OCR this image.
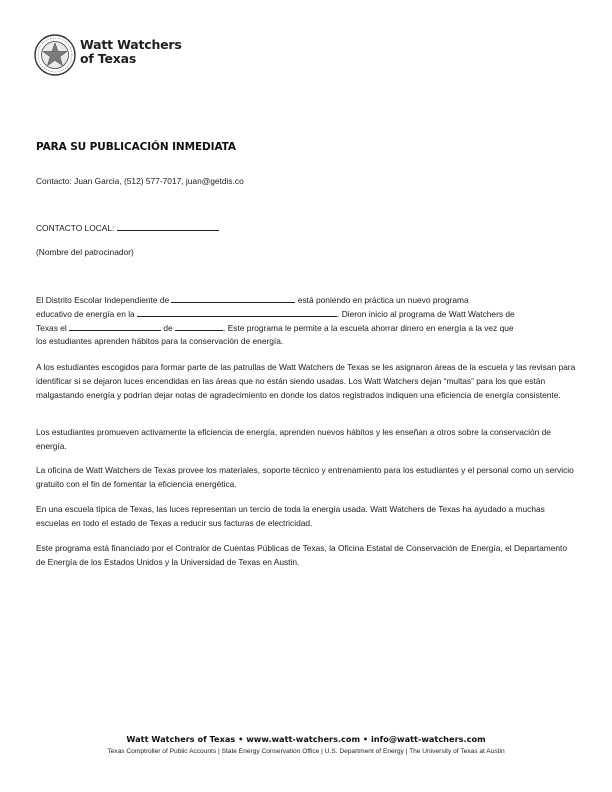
Watt Watchers
of Texas
PARA SU PUBLICACIÓN INMEDIATA
Contacto: Juan Garcia, (512) 577-7017, juan@getdis.co
CONTACTO LOCAL:
(Nombre del patrocinador)
El Distrito Escolar Independiente de	está poniendo en práctica un nuevo programa
educativo de energía en la	. Dieron inicio al programa de Watt Watchers de
Texas el	de	. Este programa le permite a la escuela ahorrar dinero en energía a la vez que
los estudiantes aprenden hábitos para la conservación de energía.
A los estudiantes escogidos para formar parte de las patrullas de Watt Watchers de Texas se les asignaron áreas de la escuela y las revisan para identificar si se dejaron luces encendidas en las áreas que no están siendo usadas. Los Watt Watchers dejan “multas” para los que están malgastando energía y podrían dejar notas de agradecimiento en donde los datos registrados indiquen una eficiencia de energía consistente.
Los estudiantes promueven activamente la eficiencia de energía, aprenden nuevos hábitos y les enseñan a otros sobre la conservación de energía.
La oficina de Watt Watchers de Texas provee los materiales, soporte técnico y entrenamiento para los estudiantes y el personal como un servicio gratuito con el fin de fomentar la eficiencia energética.
En una escuela típica de Texas, las luces representan un tercio de toda la energía usada. Watt Watchers de Texas ha ayudado a muchas escuelas en todo el estado de Texas a reducir sus facturas de electricidad.
Este programa está financiado por el Contralor de Cuentas Públicas de Texas, la Oficina Estatal de Conservación de Energía, el Departamento de Energía de los Estados Unidos y la Universidad de Texas en Austin.
Watt Watchers of Texas • www.watt-watchers.com • info@watt-watchers.com
Texas Comptroller of Public Accounts | State Energy Conservation Office | U.S. Department of Energy | The University of Texas at Austin
